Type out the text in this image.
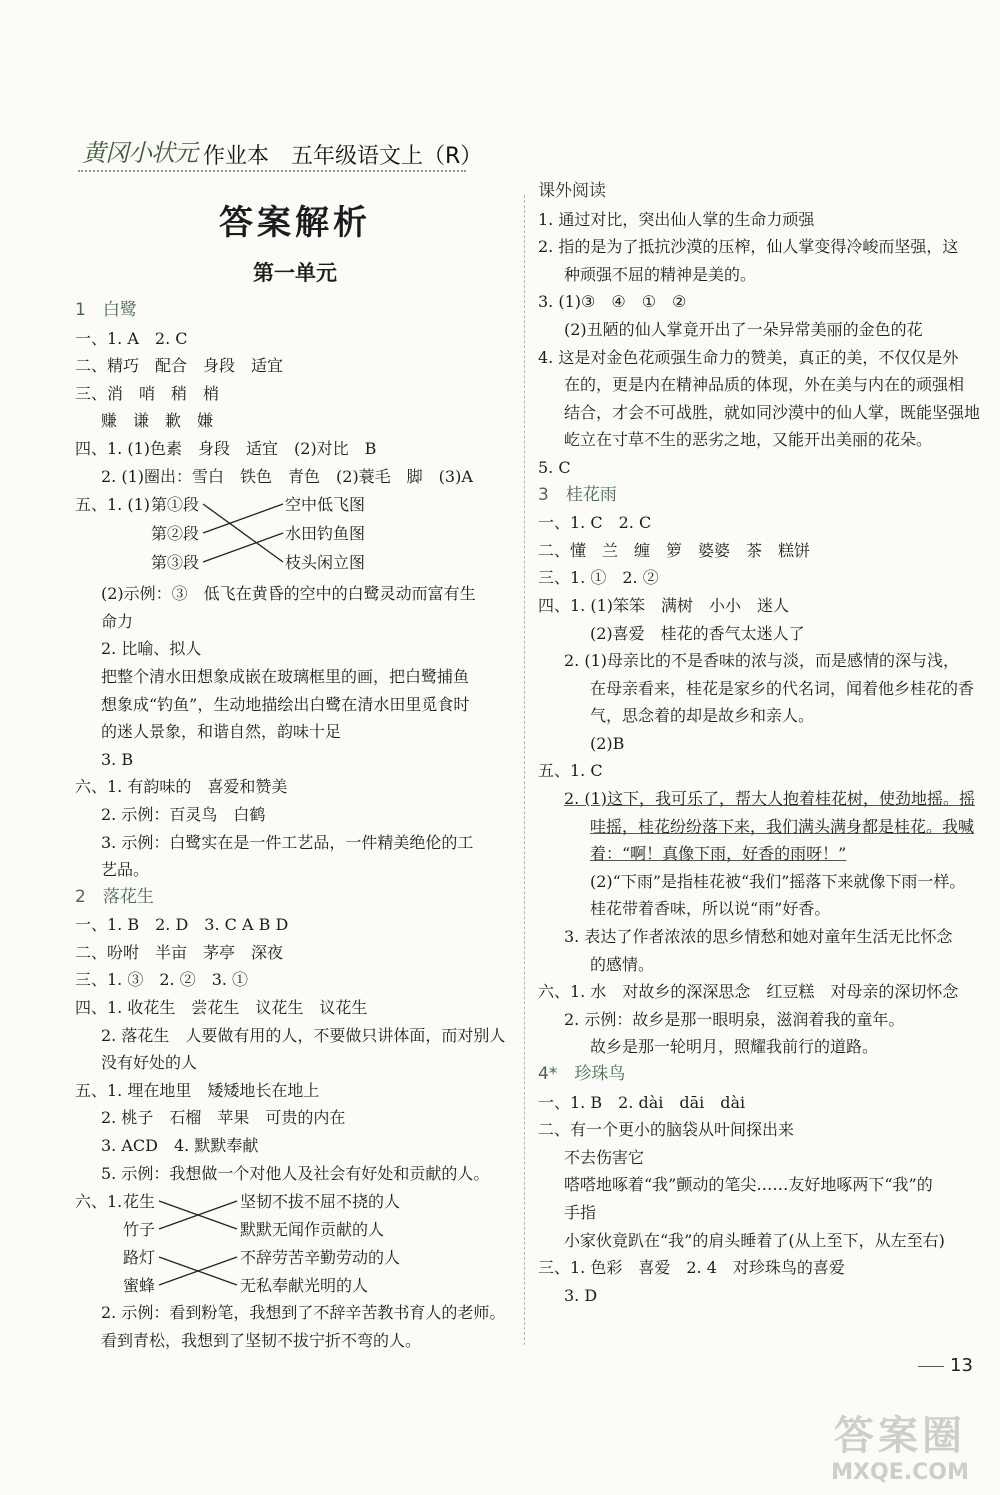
黄冈小状元 作业本 五年级语文上（R）
答案解析
第一单元
1　白鹭
一、1. A　2. C
二、精巧　配合　身段　适宜
三、消　哨　稍　梢
赚　谦　歉　嫌
四、1. (1)色素　身段　适宜　(2)对比　B
2. (1)圈出：雪白　铁色　青色　(2)蓑毛　脚　(3)A
五、1. (1) 第①段
第②段
第③段
空中低飞图
水田钓鱼图
枝头闲立图
(2)示例：③　低飞在黄昏的空中的白鹭灵动而富有生
命力
2. 比喻、拟人
把整个清水田想象成嵌在玻璃框里的画，把白鹭捕鱼
想象成“钓鱼”，生动地描绘出白鹭在清水田里觅食时
的迷人景象，和谐自然，韵味十足
3. B
六、1. 有韵味的　喜爱和赞美
2. 示例：百灵鸟　白鹤
3. 示例：白鹭实在是一件工艺品，一件精美绝伦的工
艺品。
2　落花生
一、1. B　2. D　3. C A B D
二、吩咐　半亩　茅亭　深夜
三、1. ③　2. ②　3. ①
四、1. 收花生　尝花生　议花生　议花生
2. 落花生　人要做有用的人，不要做只讲体面，而对别人
没有好处的人
五、1. 埋在地里　矮矮地长在地上
2. 桃子　石榴　苹果　可贵的内在
3. ACD　4. 默默奉献
5. 示例：我想做一个对他人及社会有好处和贡献的人。
六、1. 花生
竹子
路灯
蜜蜂
坚韧不拔不屈不挠的人
默默无闻作贡献的人
不辞劳苦辛勤劳动的人
无私奉献光明的人
2. 示例：看到粉笔，我想到了不辞辛苦教书育人的老师。
看到青松，我想到了坚韧不拔宁折不弯的人。
课外阅读
1. 通过对比，突出仙人掌的生命力顽强
2. 指的是为了抵抗沙漠的压榨，仙人掌变得冷峻而坚强，这
种顽强不屈的精神是美的。
3. (1)③　④　①　②
(2)丑陋的仙人掌竟开出了一朵异常美丽的金色的花
4. 这是对金色花顽强生命力的赞美，真正的美，不仅仅是外
在的，更是内在精神品质的体现，外在美与内在的顽强相
结合，才会不可战胜，就如同沙漠中的仙人掌，既能坚强地
屹立在寸草不生的恶劣之地，又能开出美丽的花朵。
5. C
3　桂花雨
一、1. C　2. C
二、懂　兰　缠　箩　婆婆　茶　糕饼
三、1. ①　2. ②
四、1. (1)笨笨　满树　小小　迷人
(2)喜爱　桂花的香气太迷人了
2. (1)母亲比的不是香味的浓与淡，而是感情的深与浅，
在母亲看来，桂花是家乡的代名词，闻着他乡桂花的香
气，思念着的却是故乡和亲人。
(2)B
五、1. C
2. (1)这下，我可乐了，帮大人抱着桂花树，使劲地摇。摇
哇摇，桂花纷纷落下来，我们满头满身都是桂花。我喊
着：“啊！真像下雨，好香的雨呀！”
(2)“下雨”是指桂花被“我们”摇落下来就像下雨一样。
桂花带着香味，所以说“雨”好香。
3. 表达了作者浓浓的思乡情愁和她对童年生活无比怀念
的感情。
六、1. 水　对故乡的深深思念　红豆糕　对母亲的深切怀念
2. 示例：故乡是那一眼明泉，滋润着我的童年。
故乡是那一轮明月，照耀我前行的道路。
4*　珍珠鸟
一、1. B　2. dài　dāi　dài
二、有一个更小的脑袋从叶间探出来
不去伤害它
嗒嗒地啄着“我”颤动的笔尖……友好地啄两下“我”的
手指
小家伙竟趴在“我”的肩头睡着了(从上至下，从左至右)
三、1. 色彩　喜爱　2. 4　对珍珠鸟的喜爱
3. D
13
答案圈
MXQE.COM
